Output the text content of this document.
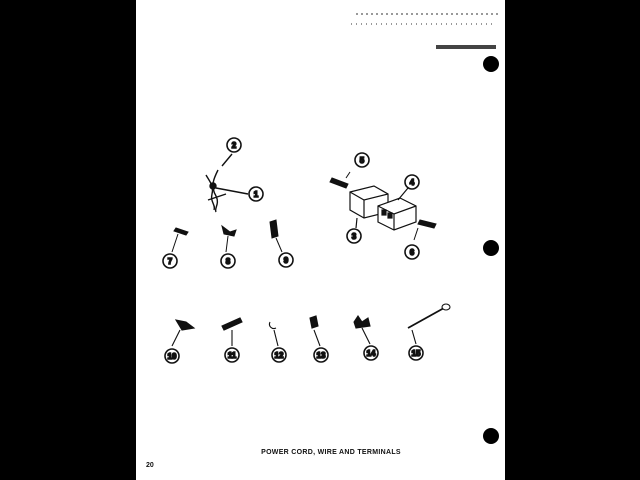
1
2
3
4
5
6
7	8	9
10	11	12	13	14	15
POWER CORD, WIRE AND TERMINALS
20
